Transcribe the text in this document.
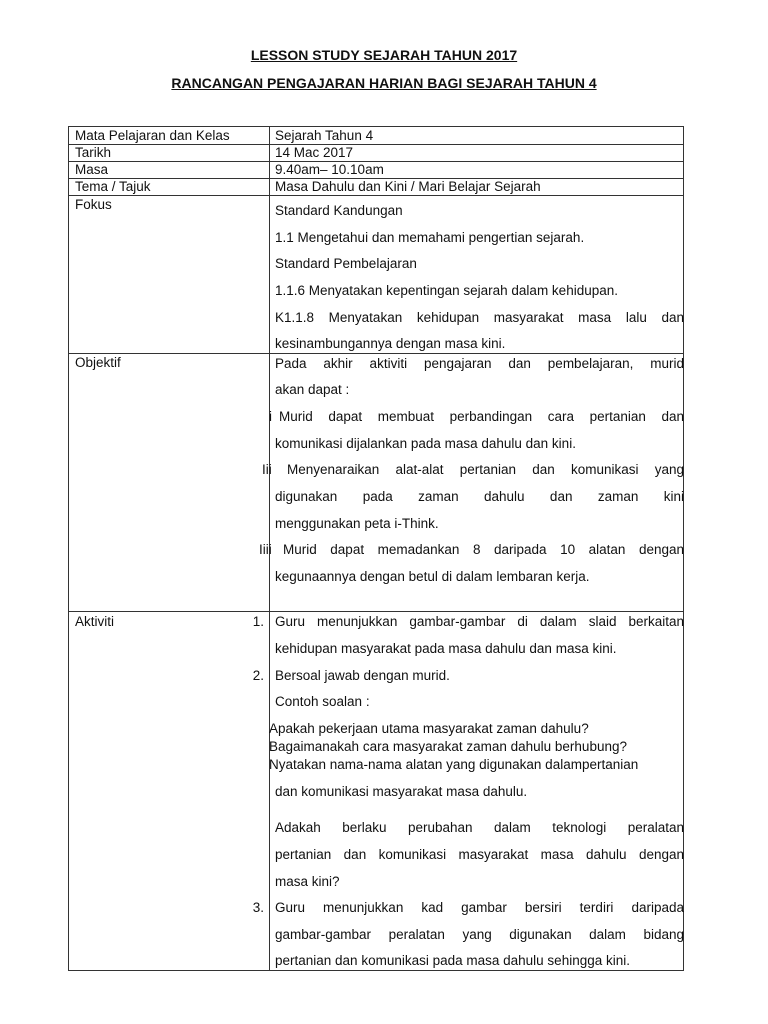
LESSON STUDY SEJARAH TAHUN 2017
RANCANGAN PENGAJARAN HARIAN BAGI SEJARAH TAHUN 4
Mata Pelajaran dan Kelas	Sejarah Tahun 4
Tarikh	14 Mac 2017
Masa	9.40am– 10.10am
Tema / Tajuk	Masa Dahulu dan Kini / Mari Belajar Sejarah
Fokus	Standard Kandungan
1.1 Mengetahui dan memahami pengertian sejarah.
Standard Pembelajaran
1.1.6 Menyatakan kepentingan sejarah dalam kehidupan.
K1.1.8 Menyatakan kehidupan masyarakat masa lalu dan
kesinambungannya dengan masa kini.
Objektif	Pada akhir aktiviti pengajaran dan pembelajaran, murid
akan dapat :
i Murid dapat membuat perbandingan cara pertanian dan
komunikasi dijalankan pada masa dahulu dan kini.
Iii Menyenaraikan alat-alat pertanian dan komunikasi yang
digunakan pada zaman dahulu dan zaman kini
menggunakan peta i-Think.
Iiii Murid dapat memadankan 8 daripada 10 alatan dengan
kegunaannya dengan betul di dalam lembaran kerja.
Aktiviti	1. Guru menunjukkan gambar-gambar di dalam slaid berkaitan
kehidupan masyarakat pada masa dahulu dan masa kini.
2. Bersoal jawab dengan murid.
Contoh soalan :
Apakah pekerjaan utama masyarakat zaman dahulu?
Bagaimanakah cara masyarakat zaman dahulu berhubung?
Nyatakan nama-nama alatan yang digunakan dalampertanian
dan komunikasi masyarakat masa dahulu.
Adakah berlaku perubahan dalam teknologi peralatan
pertanian dan komunikasi masyarakat masa dahulu dengan
masa kini?
3. Guru menunjukkan kad gambar bersiri terdiri daripada
gambar-gambar peralatan yang digunakan dalam bidang
pertanian dan komunikasi pada masa dahulu sehingga kini.
